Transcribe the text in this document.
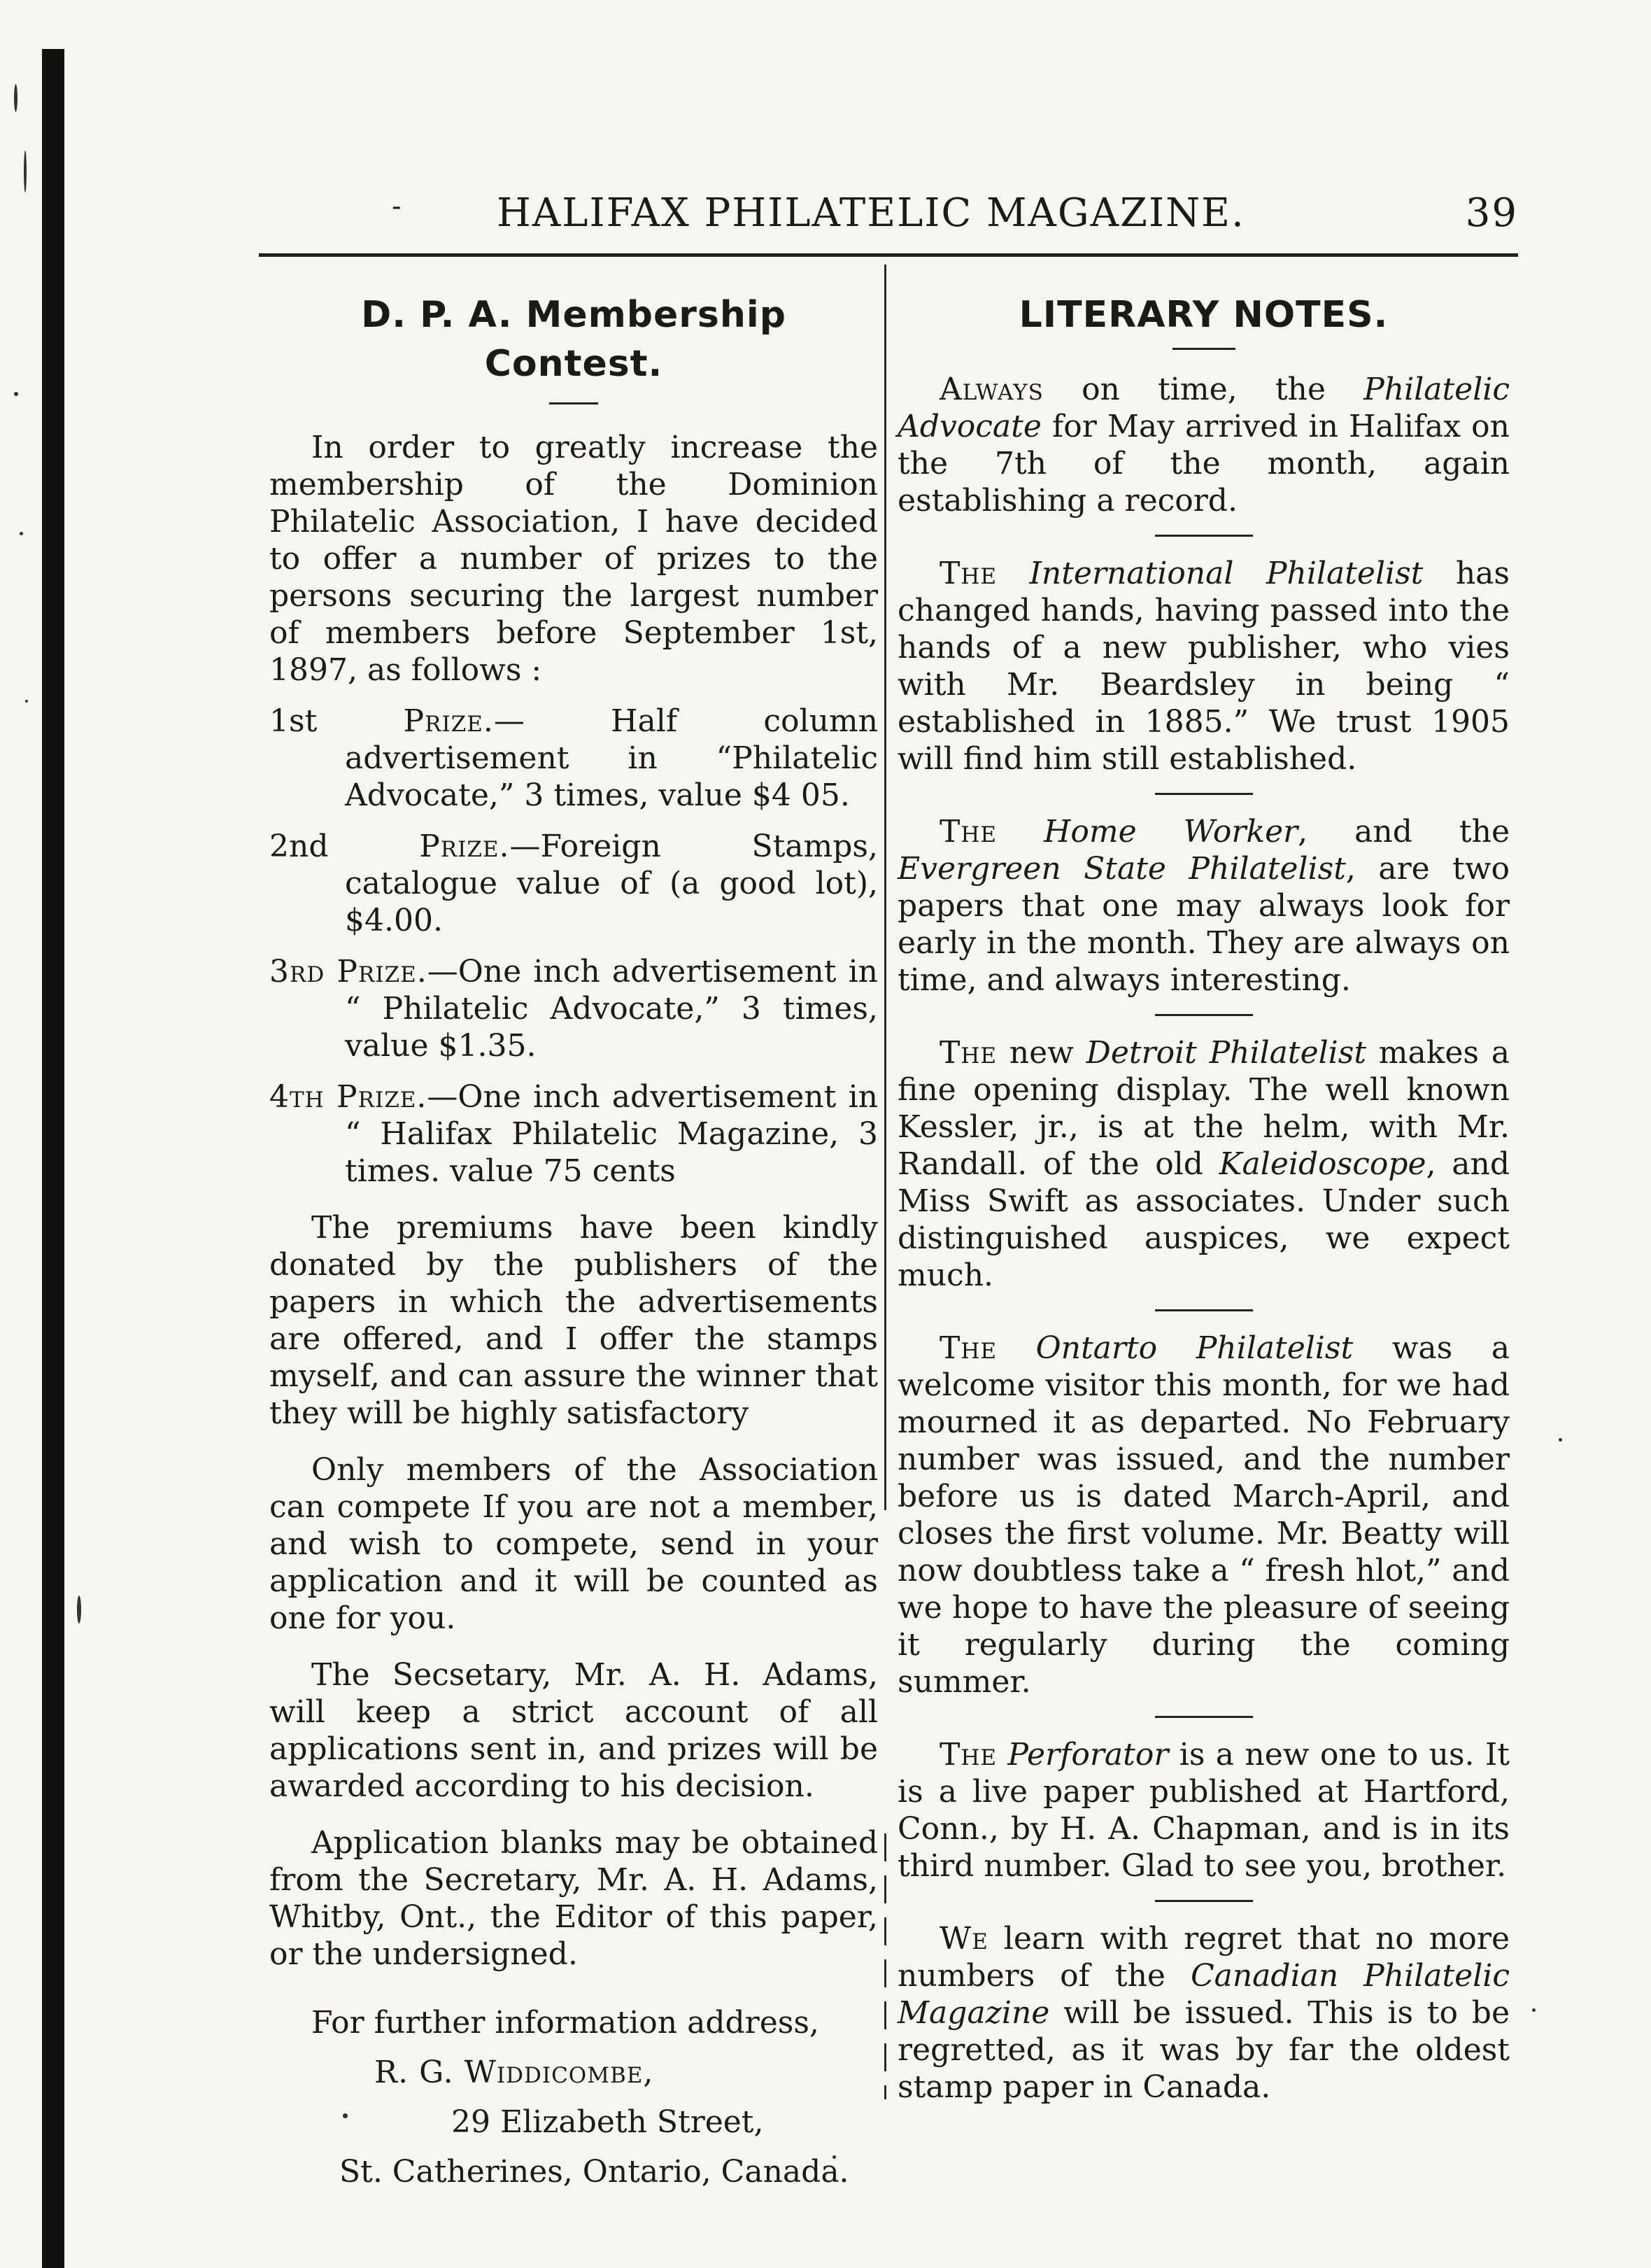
- HALIFAX PHILATELIC MAGAZINE.	39
D. P. A. Membership Contest.

In order to greatly increase the membership of the Dominion Philatelic Association, I have decided to offer a number of prizes to the persons securing the largest number of members before September 1st, 1897, as follows :

1st	Prize.— Half column advertisement in “Philatelic Advocate,” 3 times, value $4 05.
2nd	Prize.—Foreign Stamps, catalogue value of (a good lot), $4.00.
3rd Prize.—One inch advertisement in “ Philatelic Advocate,” 3 times, value $1.35.
4th Prize.—One inch advertisement in “ Halifax Philatelic Magazine, 3 times. value 75 cents

The premiums have been kindly donated by the publishers of the papers in which the advertisements are offered, and I offer the stamps myself, and can assure the winner that they will be highly satisfactory

Only members of the Association can compete If you are not a member, and wish to compete, send in your application and it will be counted as one for you.

The Secsetary, Mr. A. H. Adams, will keep a strict account of all applications sent in, and prizes will be awarded according to his decision.

Application blanks may be obtained from the Secretary, Mr. A. H. Adams, Whitby, Ont., the Editor of this paper, or the undersigned.

For further information address,

R. G. Widdicombe,

29 Elizabeth Street,

St. Catherines, Ontario, Canada.

LITERARY NOTES.

Always on time, the Philatelic Advocate for May arrived in Halifax on the 7th of the month, again establishing a record.

The International Philatelist has changed hands, having passed into the hands of a new publisher, who vies with Mr. Beardsley in being “ established in 1885.” We trust 1905 will find him still established.

The Home Worker, and the Evergreen State Philatelist, are two papers that one may always look for early in the month. They are always on time, and always interesting.

The new Detroit Philatelist makes a fine opening display. The well known Kessler, jr., is at the helm, with Mr. Randall. of the old Kaleidoscope, and Miss Swift as associates. Under such distinguished auspices, we expect much.

The Ontarto Philatelist was a welcome visitor this month, for we had mourned it as departed. No February number was issued, and the number before us is dated March-April, and closes the first volume. Mr. Beatty will now doubtless take a “ fresh hlot,” and we hope to have the pleasure of seeing it regularly during the coming summer.

The Perforator is a new one to us. It is a live paper published at Hartford, Conn., by H. A. Chapman, and is in its third number. Glad to see you, brother.

We learn with regret that no more numbers of the Canadian Philatelic Magazine will be issued. This is to be regretted, as it was by far the oldest stamp paper in Canada.
